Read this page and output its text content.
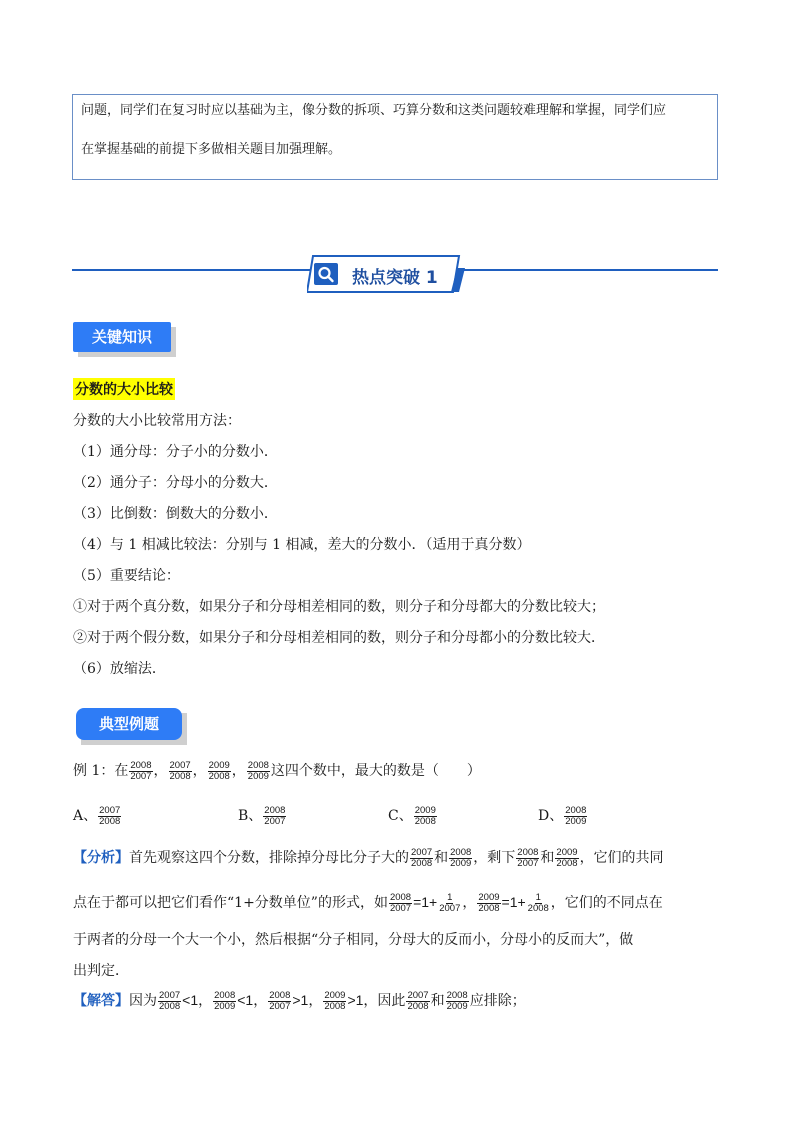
问题，同学们在复习时应以基础为主，像分数的拆项、巧算分数和这类问题较难理解和掌握，同学们应

在掌握基础的前提下多做相关题目加强理解。

热点突破 1
关键知识
分数的大小比较
分数的大小比较常用方法：
（1）通分母：分子小的分数小．
（2）通分子：分母小的分数大．
（3）比倒数：倒数大的分数小．
（4）与 1 相减比较法：分别与 1 相减，差大的分数小．（适用于真分数）
（5）重要结论：
①对于两个真分数，如果分子和分母相差相同的数，则分子和分母都大的分数比较大；
②对于两个假分数，如果分子和分母相差相同的数，则分子和分母都小的分数比较大．
（6）放缩法．
典型例题
例 1：在 $\frac{2008}{2007}$ ， $\frac{2007}{2008}$ ， $\frac{2009}{2008}$ ， $\frac{2008}{2009}$ 这四个数中，最大的数是（　　）
A、 $\frac{2007}{2008}$	B、 $\frac{2008}{2007}$	C、 $\frac{2009}{2008}$	D、 $\frac{2008}{2009}$
【分析】首先观察这四个分数，排除掉分母比分子大的 $\frac{2007}{2008}$ 和 $\frac{2008}{2009}$ ，剩下 $\frac{2008}{2007}$ 和 $\frac{2009}{2008}$ ，它们的共同
点在于都可以把它们看作“1+分数单位”的形式，如 $\frac{2008}{2007} =1+ \frac{1}{2007}$ ， $\frac{2009}{2008} =1+ \frac{1}{2008}$ ，它们的不同点在
于两者的分母一个大一个小，然后根据“分子相同，分母大的反而小，分母小的反而大”，做
出判定．
【解答】因为 $\frac{2007}{2008} <1$， $\frac{2008}{2009} <1$， $\frac{2008}{2007} >1$， $\frac{2009}{2008} >1$，因此 $\frac{2007}{2008}$ 和 $\frac{2008}{2009}$ 应排除；
